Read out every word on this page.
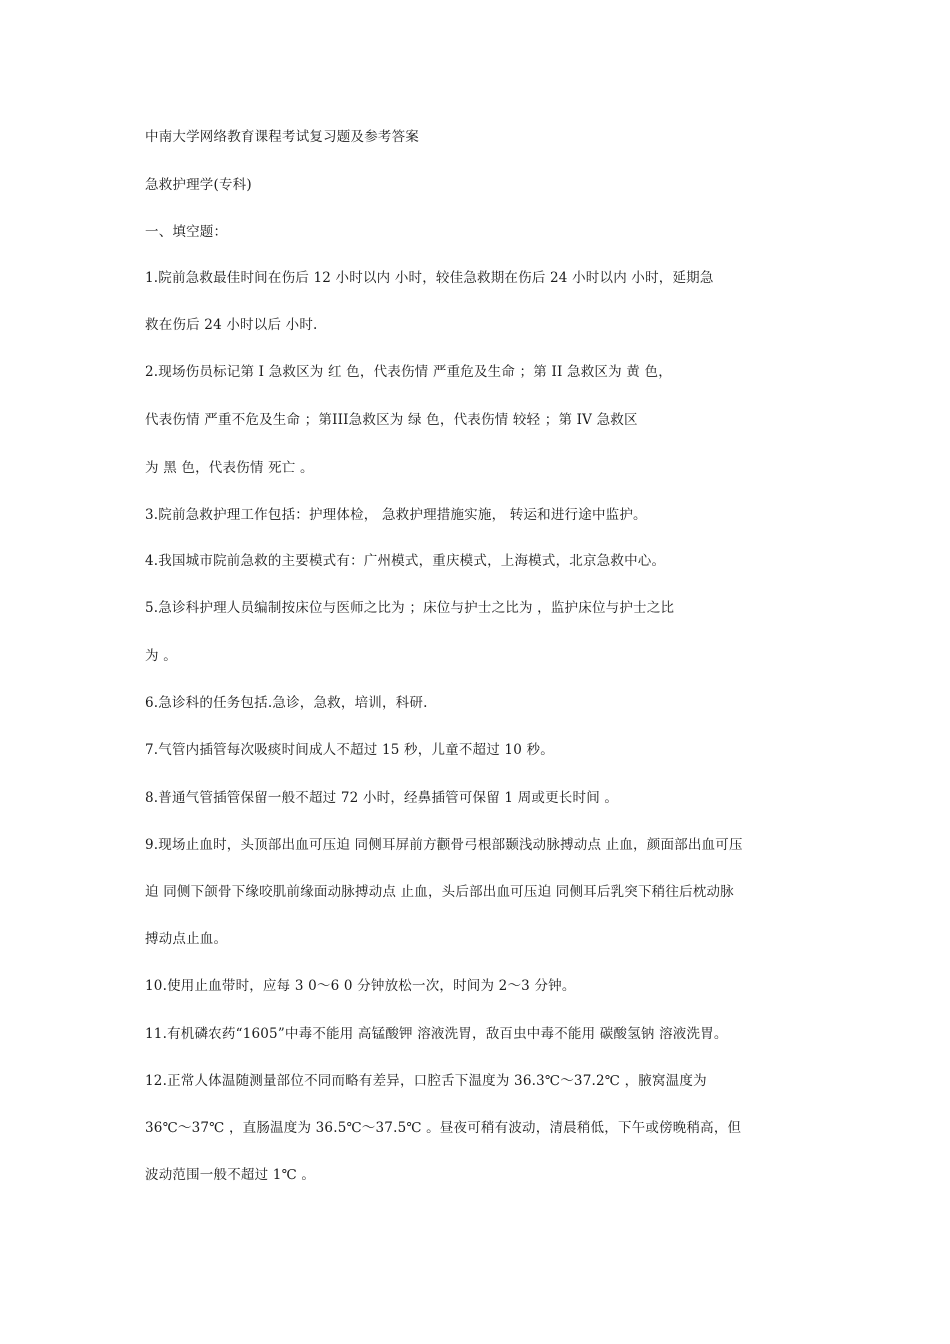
中南大学网络教育课程考试复习题及参考答案
急救护理学(专科)
一、填空题：
1.院前急救最佳时间在伤后 12 小时以内 小时，较佳急救期在伤后 24 小时以内 小时，延期急
救在伤后 24 小时以后 小时.
2.现场伤员标记第 I 急救区为 红 色，代表伤情 严重危及生命 ；第 II 急救区为 黄 色，
代表伤情 严重不危及生命 ；第III急救区为 绿 色，代表伤情 较轻 ；第 IV 急救区
为 黑 色，代表伤情 死亡 。
3.院前急救护理工作包括：护理体检， 急救护理措施实施， 转运和进行途中监护。
4.我国城市院前急救的主要模式有：广州模式，重庆模式，上海模式，北京急救中心。
5.急诊科护理人员编制按床位与医师之比为 ；床位与护士之比为 ，监护床位与护士之比
为 。
6.急诊科的任务包括.急诊，急救，培训，科研.
7.气管内插管每次吸痰时间成人不超过 15 秒，儿童不超过 10 秒。
8.普通气管插管保留一般不超过 72 小时，经鼻插管可保留 1 周或更长时间 。
9.现场止血时，头顶部出血可压迫 同侧耳屏前方颧骨弓根部颞浅动脉搏动点 止血，颜面部出血可压
迫 同侧下颌骨下缘咬肌前缘面动脉搏动点 止血，头后部出血可压迫 同侧耳后乳突下稍往后枕动脉
搏动点止血。
10.使用止血带时，应每 3 0～6 0 分钟放松一次，时间为 2～3 分钟。
11.有机磷农药“1605”中毒不能用 高锰酸钾 溶液洗胃，敌百虫中毒不能用 碳酸氢钠 溶液洗胃。
12.正常人体温随测量部位不同而略有差异，口腔舌下温度为 36.3℃～37.2℃ ，腋窝温度为
36℃～37℃ ，直肠温度为 36.5℃～37.5℃ 。昼夜可稍有波动，清晨稍低，下午或傍晚稍高，但
波动范围一般不超过 1℃ 。
